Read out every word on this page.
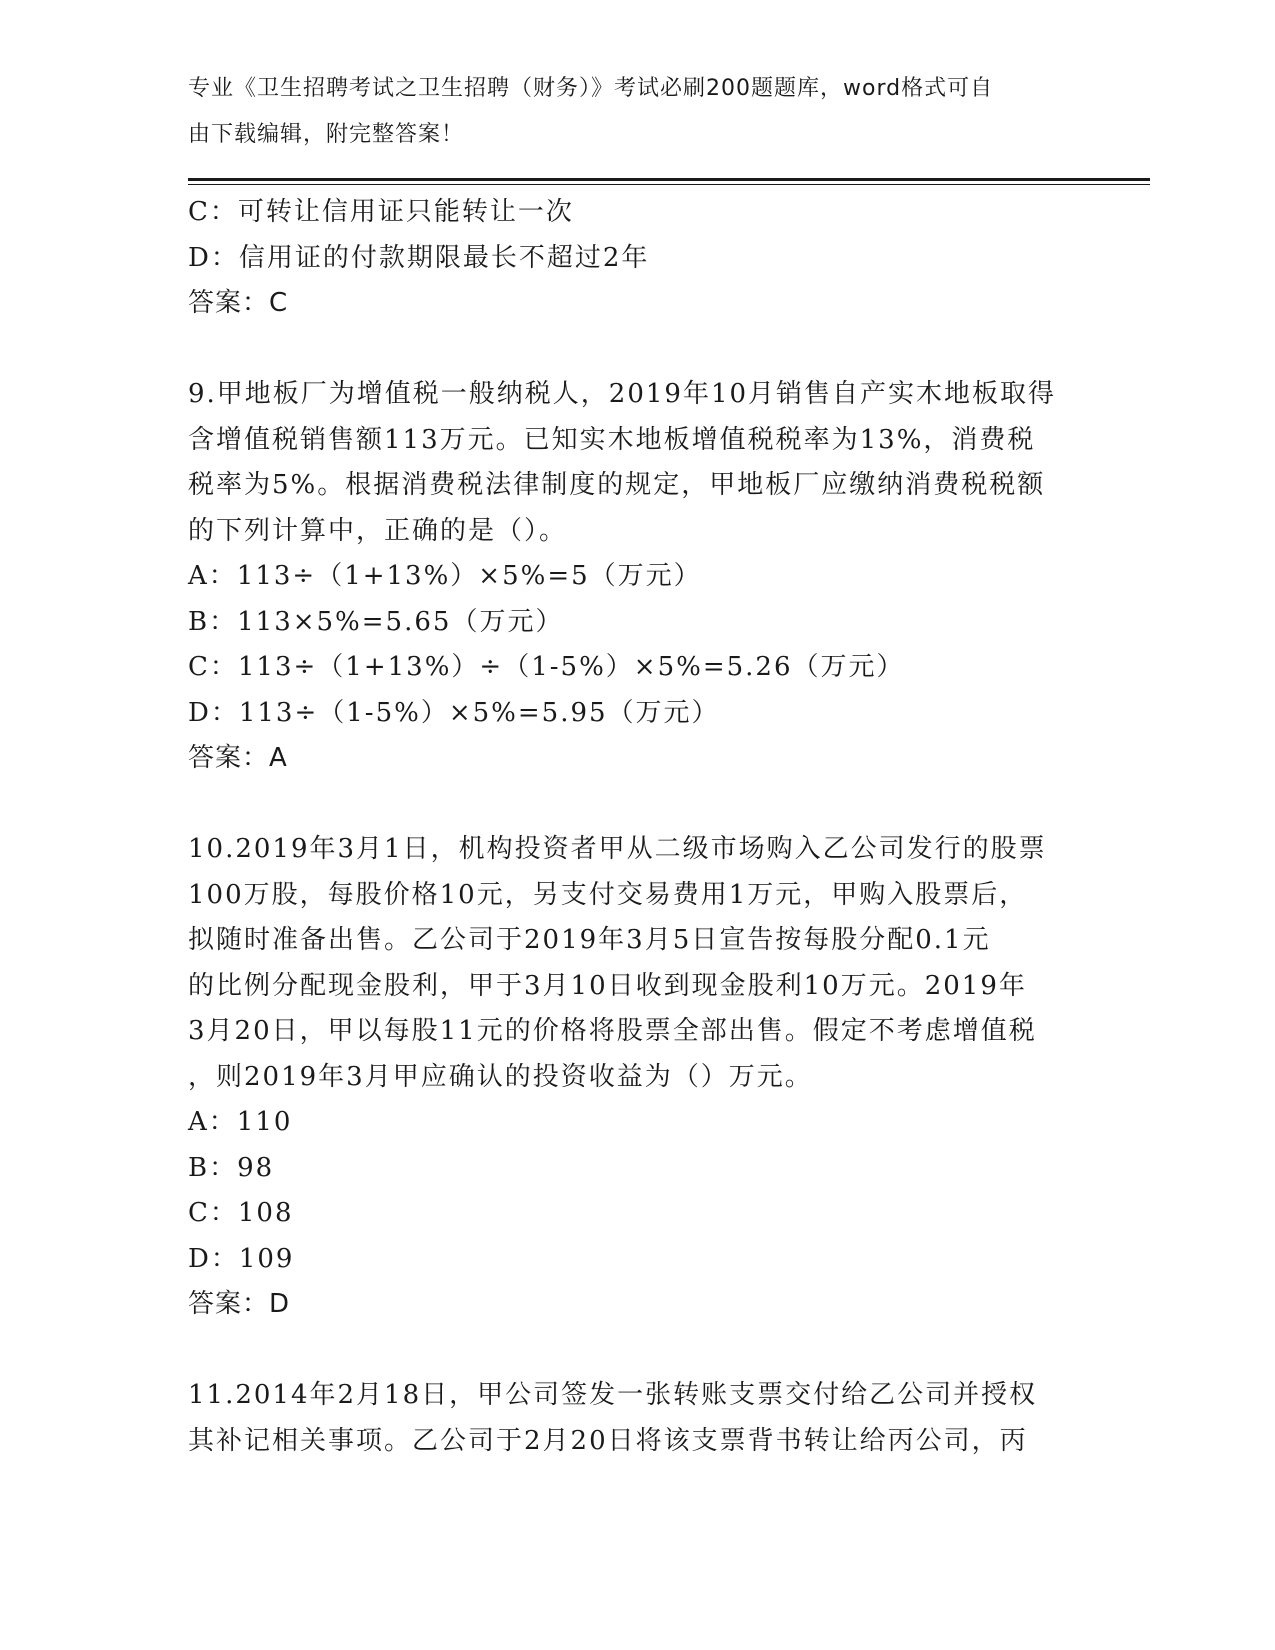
专业《卫生招聘考试之卫生招聘（财务）》考试必刷200题题库，word格式可自
由下载编辑，附完整答案！
C：可转让信用证只能转让一次
D：信用证的付款期限最长不超过2年
答案：C
9.甲地板厂为增值税一般纳税人，2019年10月销售自产实木地板取得
含增值税销售额113万元。已知实木地板增值税税率为13%，消费税
税率为5%。根据消费税法律制度的规定，甲地板厂应缴纳消费税税额
的下列计算中，正确的是（）。
A：113÷（1+13%）×5%=5（万元）
B：113×5%=5.65（万元）
C：113÷（1+13%）÷（1-5%）×5%=5.26（万元）
D：113÷（1-5%）×5%=5.95（万元）
答案：A
10.2019年3月1日，机构投资者甲从二级市场购入乙公司发行的股票
100万股，每股价格10元，另支付交易费用1万元，甲购入股票后，
拟随时准备出售。乙公司于2019年3月5日宣告按每股分配0.1元
的比例分配现金股利，甲于3月10日收到现金股利10万元。2019年
3月20日，甲以每股11元的价格将股票全部出售。假定不考虑增值税
，则2019年3月甲应确认的投资收益为（）万元。
A：110
B：98
C：108
D：109
答案：D
11.2014年2月18日，甲公司签发一张转账支票交付给乙公司并授权
其补记相关事项。乙公司于2月20日将该支票背书转让给丙公司，丙
